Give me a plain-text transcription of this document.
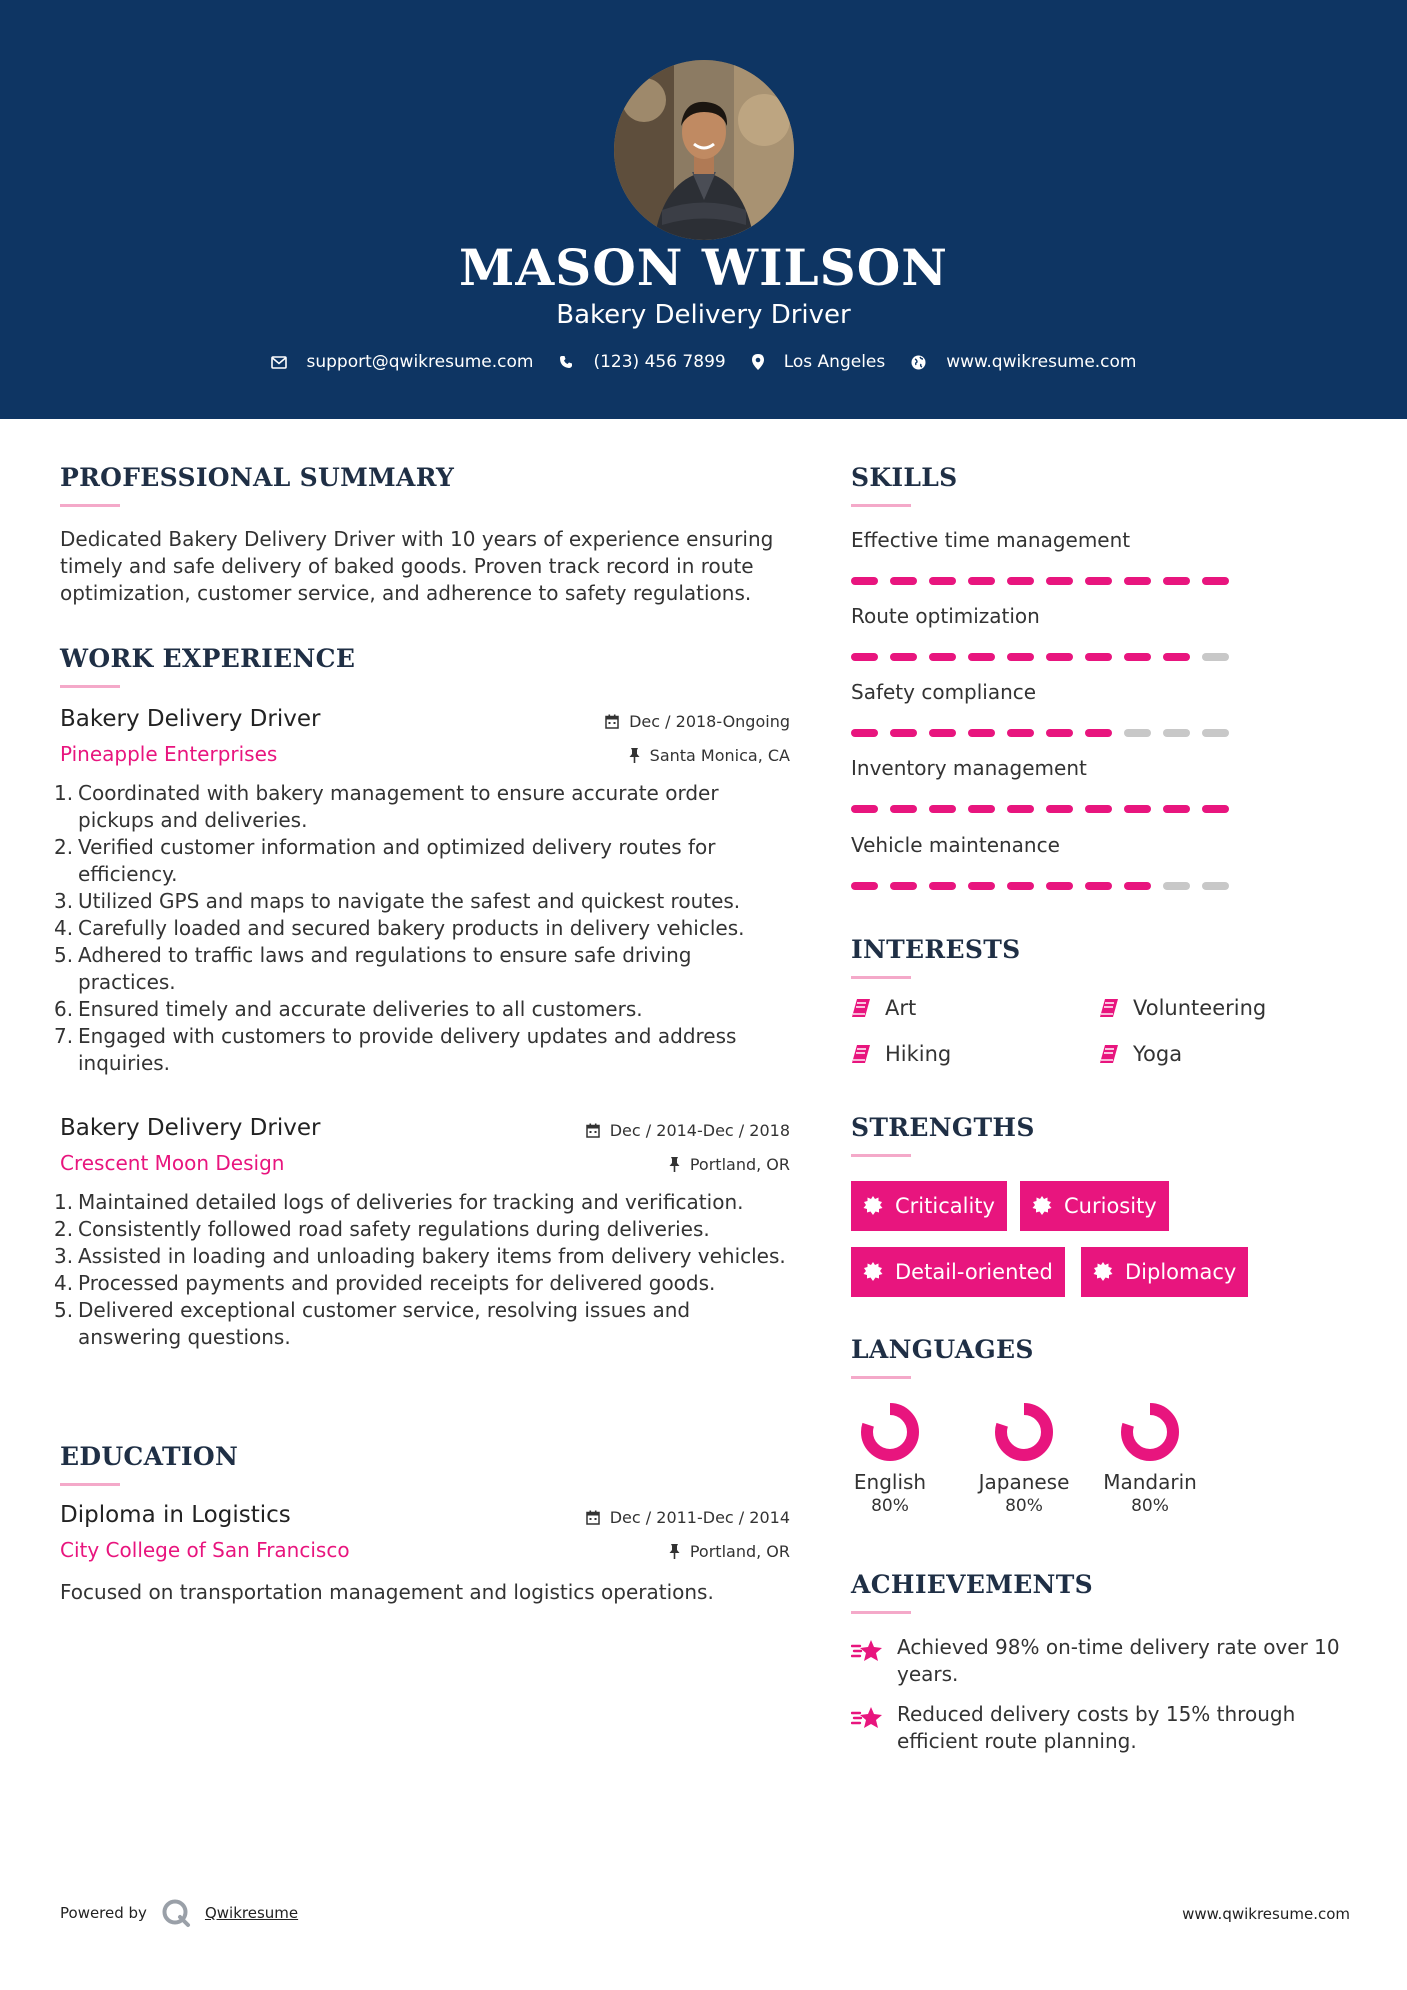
MASON WILSON
Bakery Delivery Driver
support@qwikresume.com	(123) 456 7899	Los Angeles	www.qwikresume.com
PROFESSIONAL SUMMARY
Dedicated Bakery Delivery Driver with 10 years of experience ensuring timely and safe delivery of baked goods. Proven track record in route optimization, customer service, and adherence to safety regulations.
WORK EXPERIENCE
Bakery Delivery Driver
Pineapple Enterprises
Dec / 2018-Ongoing
Santa Monica, CA
Coordinated with bakery management to ensure accurate order pickups and deliveries.
Verified customer information and optimized delivery routes for efficiency.
Utilized GPS and maps to navigate the safest and quickest routes.
Carefully loaded and secured bakery products in delivery vehicles.
Adhered to traffic laws and regulations to ensure safe driving practices.
Ensured timely and accurate deliveries to all customers.
Engaged with customers to provide delivery updates and address inquiries.
Bakery Delivery Driver
Crescent Moon Design
Dec / 2014-Dec / 2018
Portland, OR
Maintained detailed logs of deliveries for tracking and verification.
Consistently followed road safety regulations during deliveries.
Assisted in loading and unloading bakery items from delivery vehicles.
Processed payments and provided receipts for delivered goods.
Delivered exceptional customer service, resolving issues and answering questions.
EDUCATION
Diploma in Logistics
City College of San Francisco
Dec / 2011-Dec / 2014
Portland, OR
Focused on transportation management and logistics operations.
SKILLS
Effective time management
Route optimization
Safety compliance
Inventory management
Vehicle maintenance
INTERESTS
Art	Volunteering
Hiking	Yoga
STRENGTHS
Criticality	Curiosity
Detail-oriented	Diplomacy
LANGUAGES
English
80%
Japanese
80%
Mandarin
80%
ACHIEVEMENTS
Achieved 98% on-time delivery rate over 10 years.
Reduced delivery costs by 15% through efficient route planning.
Powered by	Qwikresume	www.qwikresume.com
